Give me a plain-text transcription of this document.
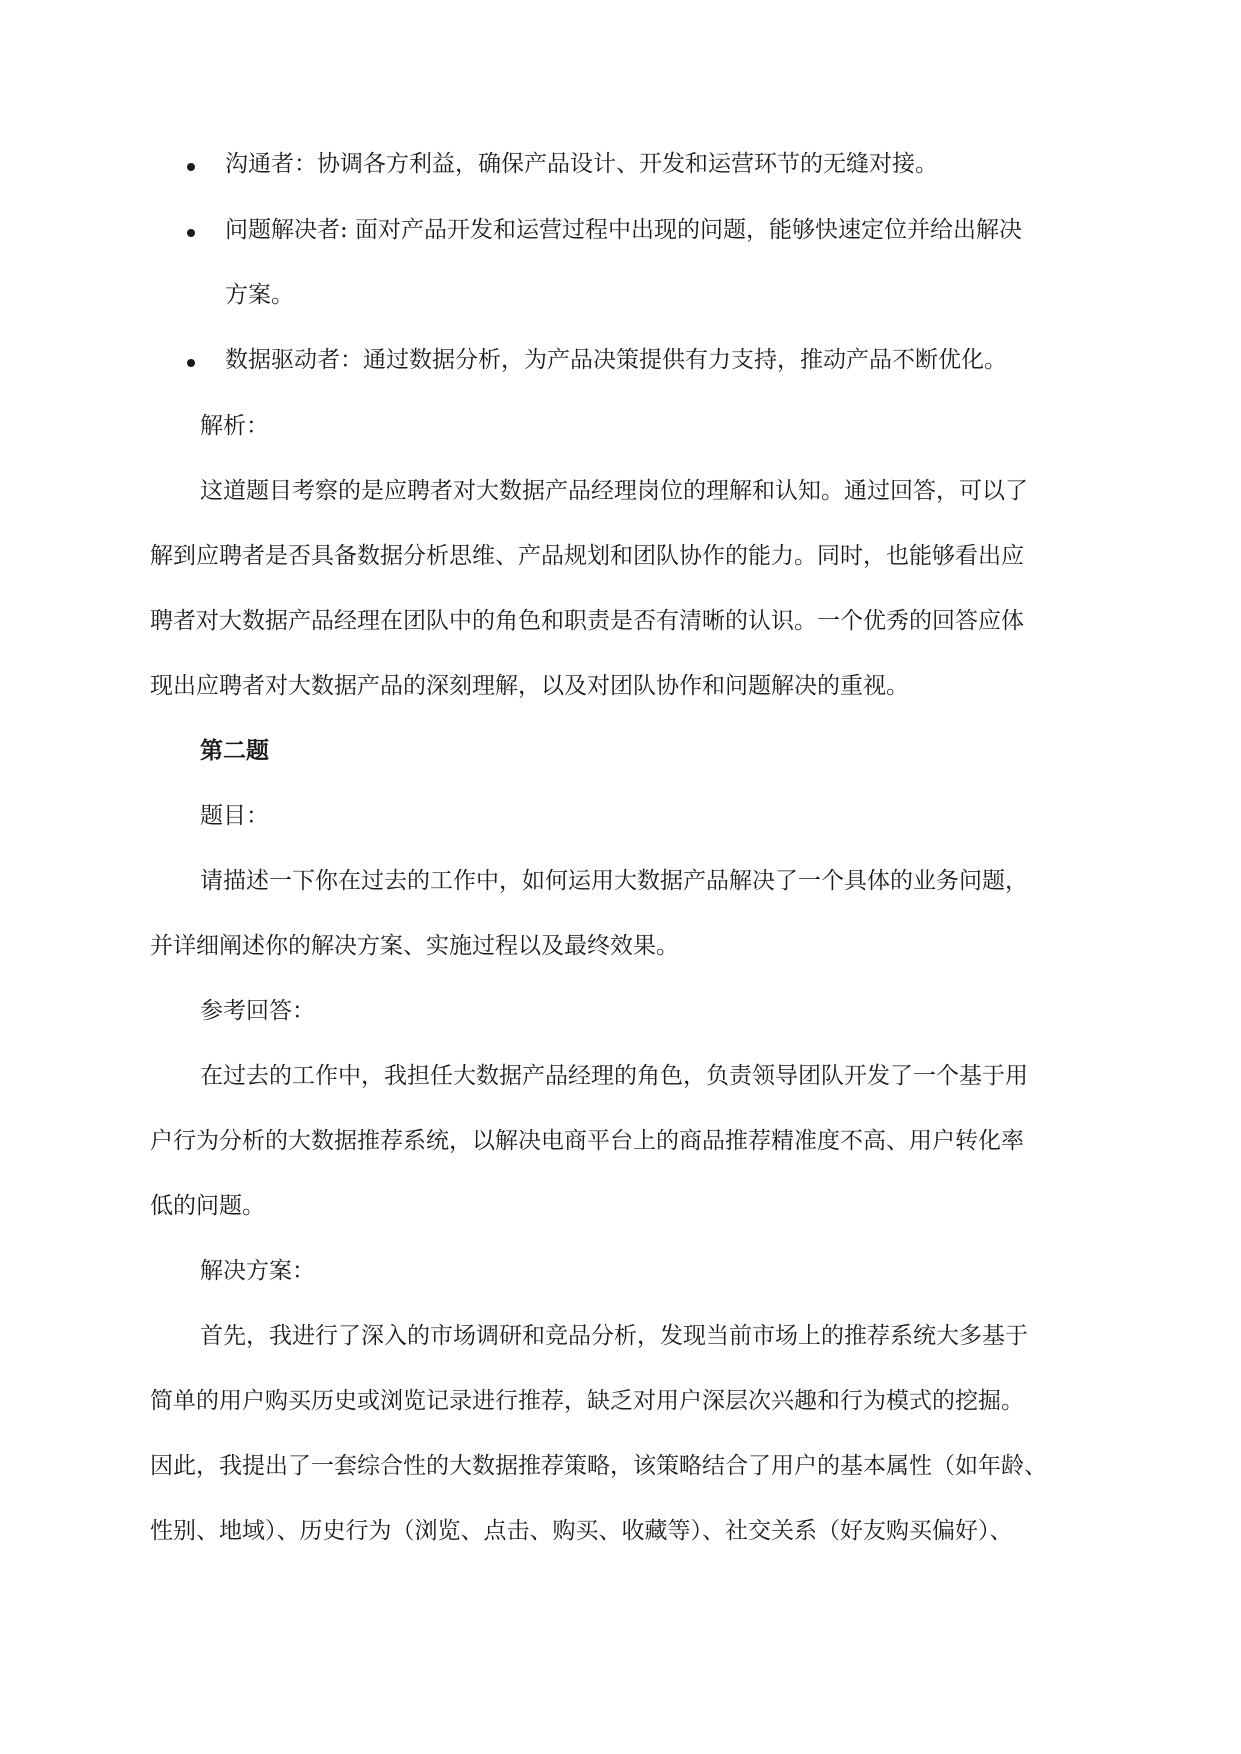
沟通者：协调各方利益，确保产品设计、开发和运营环节的无缝对接。
问题解决者: 面对产品开发和运营过程中出现的问题，能够快速定位并给出解决
方案。
数据驱动者：通过数据分析，为产品决策提供有力支持，推动产品不断优化。
解析：
这道题目考察的是应聘者对大数据产品经理岗位的理解和认知。通过回答，可以了
解到应聘者是否具备数据分析思维、产品规划和团队协作的能力。同时，也能够看出应
聘者对大数据产品经理在团队中的角色和职责是否有清晰的认识。一个优秀的回答应体
现出应聘者对大数据产品的深刻理解，以及对团队协作和问题解决的重视。
第二题
题目：
请描述一下你在过去的工作中，如何运用大数据产品解决了一个具体的业务问题，
并详细阐述你的解决方案、实施过程以及最终效果。
参考回答：
在过去的工作中，我担任大数据产品经理的角色，负责领导团队开发了一个基于用
户行为分析的大数据推荐系统，以解决电商平台上的商品推荐精准度不高、用户转化率
低的问题。
解决方案：
首先，我进行了深入的市场调研和竞品分析，发现当前市场上的推荐系统大多基于
简单的用户购买历史或浏览记录进行推荐，缺乏对用户深层次兴趣和行为模式的挖掘。
因此，我提出了一套综合性的大数据推荐策略，该策略结合了用户的基本属性（如年龄、
性别、地域）、历史行为（浏览、点击、购买、收藏等）、社交关系（好友购买偏好）、
